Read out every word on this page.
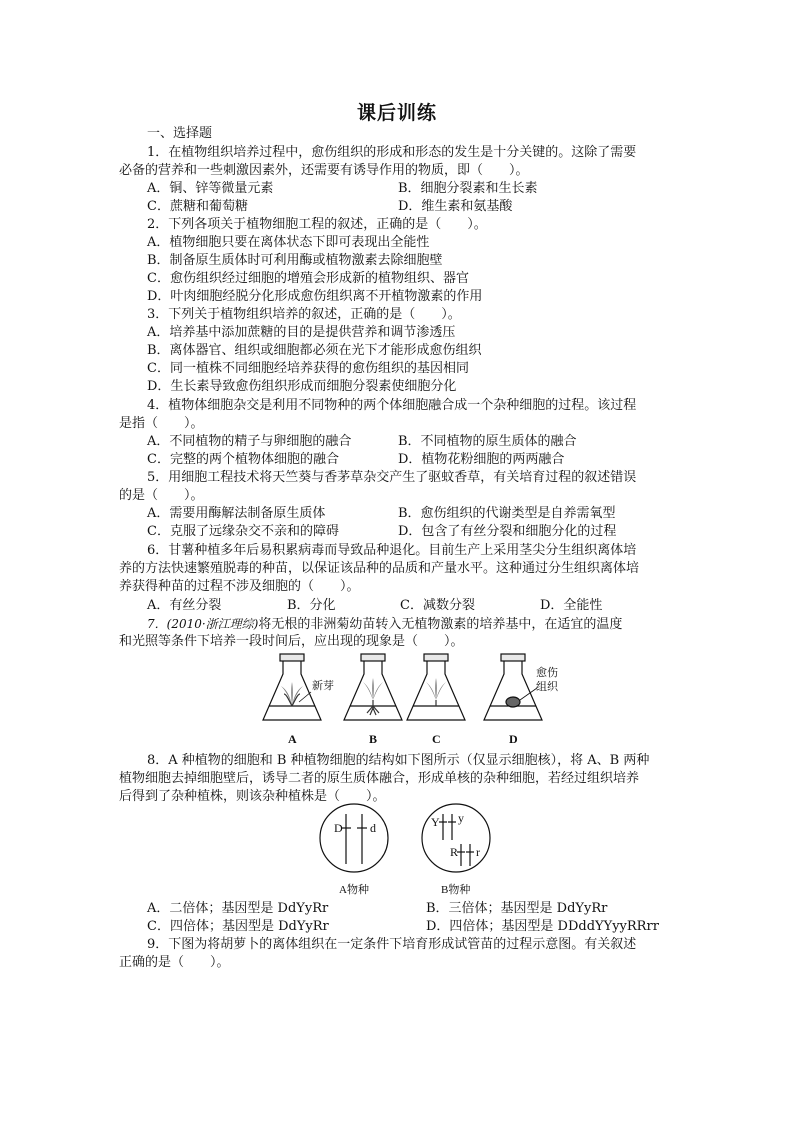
课后训练
一、选择题
1．在植物组织培养过程中，愈伤组织的形成和形态的发生是十分关键的。这除了需要
必备的营养和一些刺激因素外，还需要有诱导作用的物质，即（　　）。
A．铜、锌等微量元素	B．细胞分裂素和生长素
C．蔗糖和葡萄糖	D．维生素和氨基酸
2．下列各项关于植物细胞工程的叙述，正确的是（　　）。
A．植物细胞只要在离体状态下即可表现出全能性
B．制备原生质体时可利用酶或植物激素去除细胞壁
C．愈伤组织经过细胞的增殖会形成新的植物组织、器官
D．叶肉细胞经脱分化形成愈伤组织离不开植物激素的作用
3．下列关于植物组织培养的叙述，正确的是（　　）。
A．培养基中添加蔗糖的目的是提供营养和调节渗透压
B．离体器官、组织或细胞都必须在光下才能形成愈伤组织
C．同一植株不同细胞经培养获得的愈伤组织的基因相同
D．生长素导致愈伤组织形成而细胞分裂素使细胞分化
4．植物体细胞杂交是利用不同物种的两个体细胞融合成一个杂种细胞的过程。该过程
是指（　　）。
A．不同植物的精子与卵细胞的融合	B．不同植物的原生质体的融合
C．完整的两个植物体细胞的融合	D．植物花粉细胞的两两融合
5．用细胞工程技术将天竺葵与香茅草杂交产生了驱蚊香草，有关培育过程的叙述错误
的是（　　）。
A．需要用酶解法制备原生质体	B．愈伤组织的代谢类型是自养需氧型
C．克服了远缘杂交不亲和的障碍	D．包含了有丝分裂和细胞分化的过程
6．甘薯种植多年后易积累病毒而导致品种退化。目前生产上采用茎尖分生组织离体培
养的方法快速繁殖脱毒的种苗，以保证该品种的品质和产量水平。这种通过分生组织离体培
养获得种苗的过程不涉及细胞的（　　）。
A．有丝分裂	B．分化	C．减数分裂	D．全能性
7．(2010·浙江理综)将无根的非洲菊幼苗转入无植物激素的培养基中，在适宜的温度
和光照等条件下培养一段时间后，应出现的现象是（　　）。
新芽
愈伤
组织
A	B	C	D
8．A 种植物的细胞和 B 种植物细胞的结构如下图所示（仅显示细胞核），将 A、B 两种
植物细胞去掉细胞壁后，诱导二者的原生质体融合，形成单核的杂种细胞，若经过组织培养
后得到了杂种植株，则该杂种植株是（　　）。
D d
A物种
Y y
R r
B物种
A．二倍体；基因型是 DdYyRr	B．三倍体；基因型是 DdYyRr
C．四倍体；基因型是 DdYyRr	D．四倍体；基因型是 DDddYYyyRRrr
9．下图为将胡萝卜的离体组织在一定条件下培育形成试管苗的过程示意图。有关叙述
正确的是（　　）。
